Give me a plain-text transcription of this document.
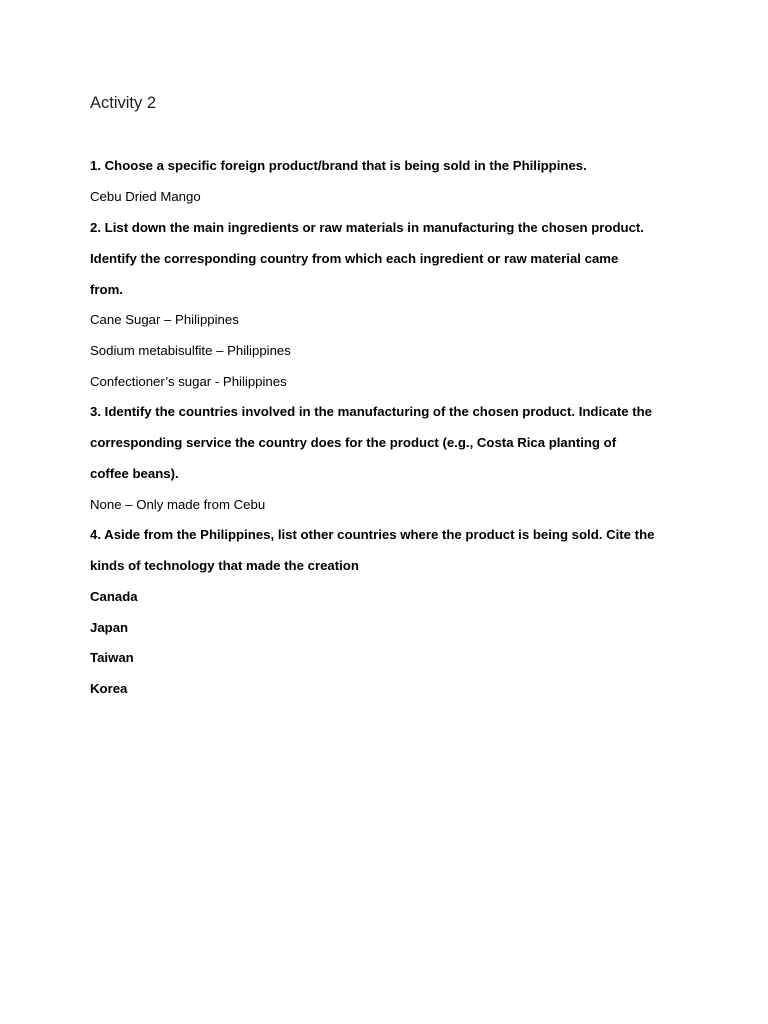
Activity 2

1. Choose a specific foreign product/brand that is being sold in the Philippines.

Cebu Dried Mango

2. List down the main ingredients or raw materials in manufacturing the chosen product.

Identify the corresponding country from which each ingredient or raw material came

from.

Cane Sugar – Philippines

Sodium metabisulfite – Philippines

Confectioner’s sugar - Philippines

3. Identify the countries involved in the manufacturing of the chosen product. Indicate the

corresponding service the country does for the product (e.g., Costa Rica planting of

coffee beans).

None – Only made from Cebu

4. Aside from the Philippines, list other countries where the product is being sold. Cite the

kinds of technology that made the creation

Canada

Japan

Taiwan

Korea
